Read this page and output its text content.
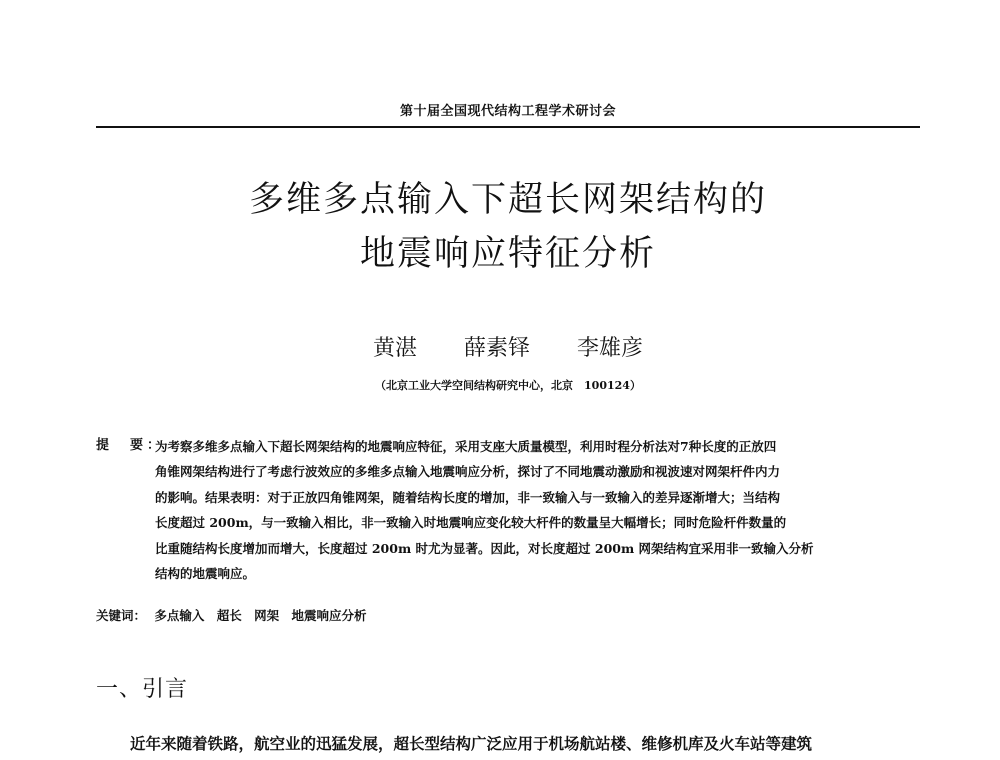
第十届全国现代结构工程学术研讨会
多维多点输入下超长网架结构的
地震响应特征分析
黄湛 薛素铎 李雄彦
（北京工业大学空间结构研究中心，北京　100124）
提　要：
为考察多维多点输入下超长网架结构的地震响应特征，采用支座大质量模型，利用时程分析法对7种长度的正放四
角锥网架结构进行了考虑行波效应的多维多点输入地震响应分析，探讨了不同地震动激励和视波速对网架杆件内力
的影响。结果表明：对于正放四角锥网架，随着结构长度的增加，非一致输入与一致输入的差异逐渐增大；当结构
长度超过 200m，与一致输入相比，非一致输入时地震响应变化较大杆件的数量呈大幅增长；同时危险杆件数量的
比重随结构长度增加而增大，长度超过 200m 时尤为显著。因此，对长度超过 200m 网架结构宜采用非一致输入分析
结构的地震响应。
关键词： 多点输入 超长 网架 地震响应分析
一、引言
近年来随着铁路，航空业的迅猛发展，超长型结构广泛应用于机场航站楼、维修机库及火车站等建筑
